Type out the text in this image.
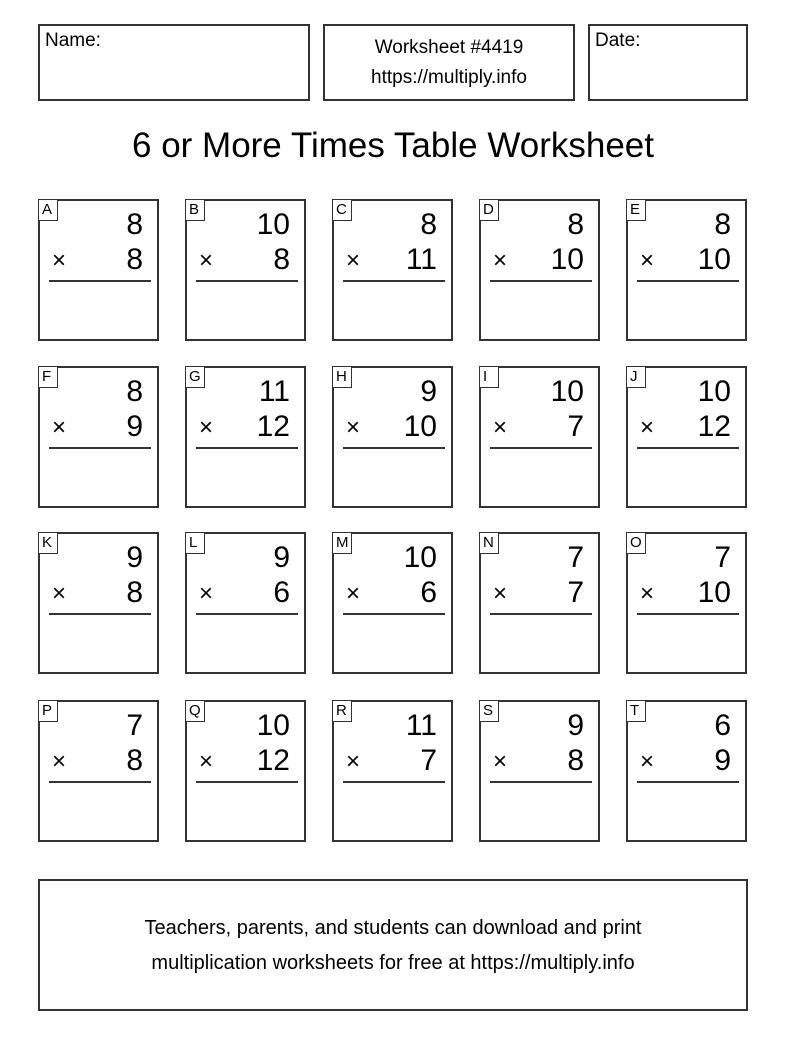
Name:	Worksheet #4419
https://multiply.info
Date:
6 or More Times Table Worksheet
A 8
× 8
B 10
× 8
C 8
× 11
D 8
× 10
E 8
× 10
F	8
× 9
G 11
× 12
H 9
× 10
I	10
× 7
J 10
× 12
K 9
× 8
L	9
× 6
M 10
× 6
N 7
× 7
O 7
× 10
P 7
× 8
Q 10
× 12
R 11
× 7
S 9
× 8
T	6
× 9
Teachers, parents, and students can download and print
multiplication worksheets for free at https://multiply.info
